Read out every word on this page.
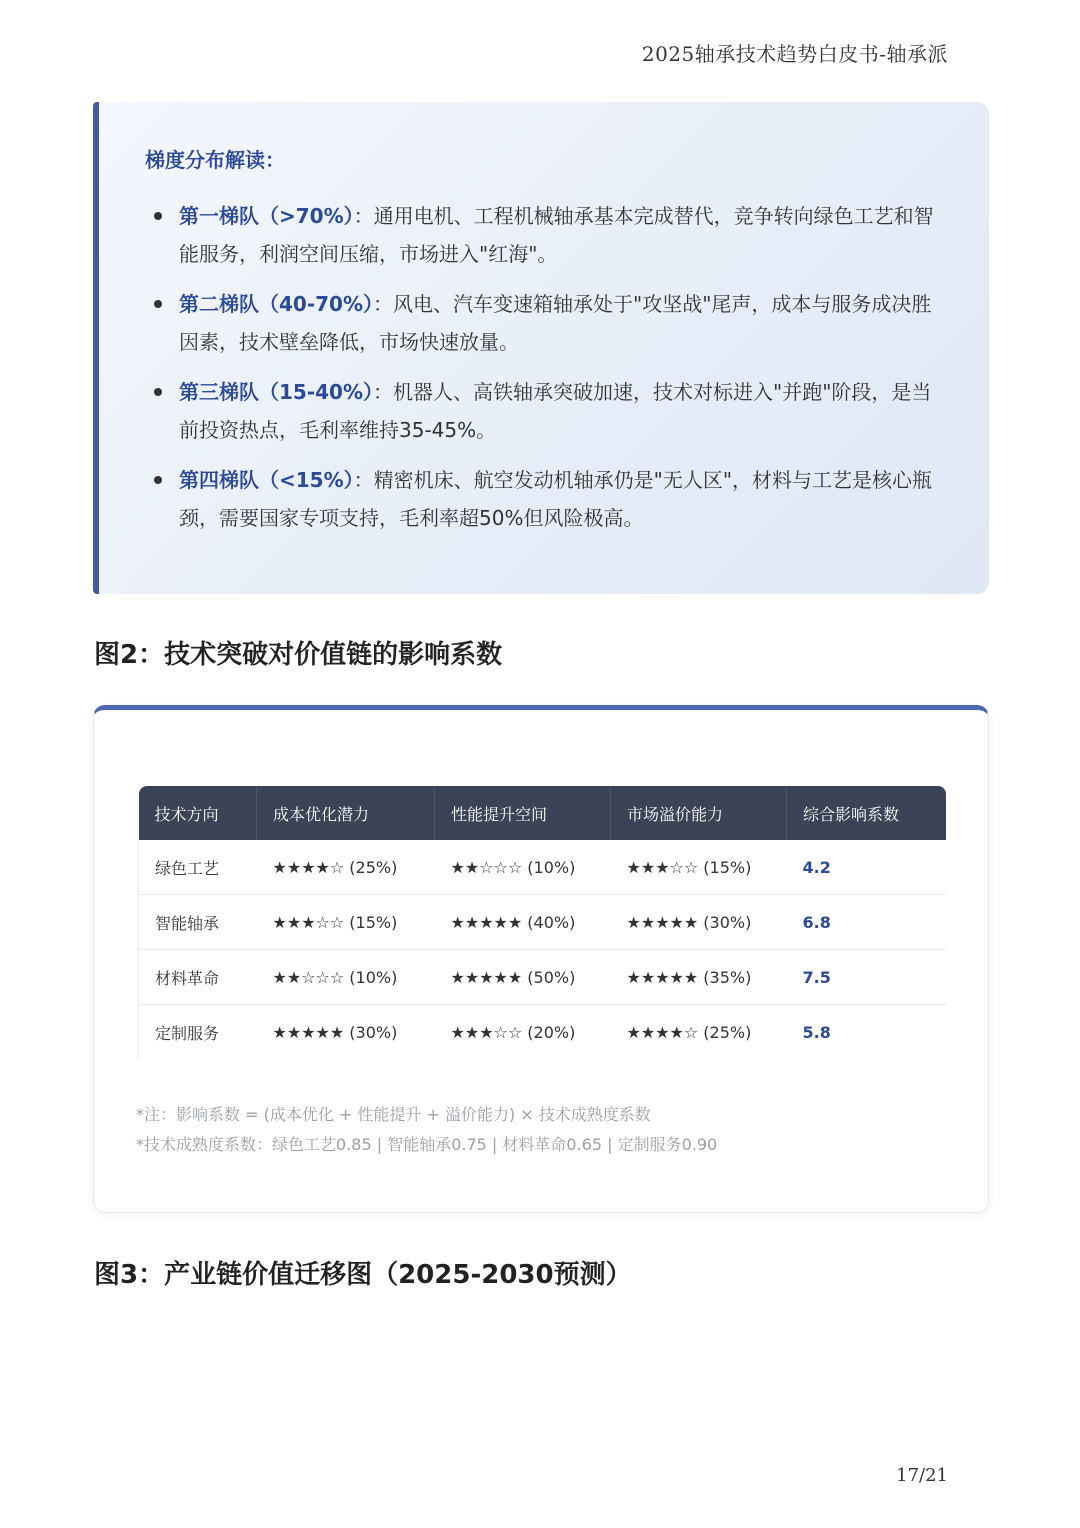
2025轴承技术趋势白皮书-轴承派
梯度分布解读：
第一梯队（>70%）：通用电机、工程机械轴承基本完成替代，竞争转向绿色工艺和智能服务，利润空间压缩，市场进入"红海"。
第二梯队（40-70%）：风电、汽车变速箱轴承处于"攻坚战"尾声，成本与服务成决胜因素，技术壁垒降低，市场快速放量。
第三梯队（15-40%）：机器人、高铁轴承突破加速，技术对标进入"并跑"阶段，是当前投资热点，毛利率维持35-45%。
第四梯队（<15%）：精密机床、航空发动机轴承仍是"无人区"，材料与工艺是核心瓶颈，需要国家专项支持，毛利率超50%但风险极高。
图2：技术突破对价值链的影响系数
技术方向	成本优化潜力	性能提升空间	市场溢价能力	综合影响系数
绿色工艺	★★★★☆ (25%)	★★☆☆☆ (10%)	★★★☆☆ (15%)	4.2
智能轴承	★★★☆☆ (15%)	★★★★★ (40%)	★★★★★ (30%)	6.8
材料革命	★★☆☆☆ (10%)	★★★★★ (50%)	★★★★★ (35%)	7.5
定制服务	★★★★★ (30%)	★★★☆☆ (20%)	★★★★☆ (25%)	5.8
*注：影响系数 = (成本优化 + 性能提升 + 溢价能力) × 技术成熟度系数
*技术成熟度系数：绿色工艺0.85 | 智能轴承0.75 | 材料革命0.65 | 定制服务0.90
图3：产业链价值迁移图（2025-2030预测）
17/21
